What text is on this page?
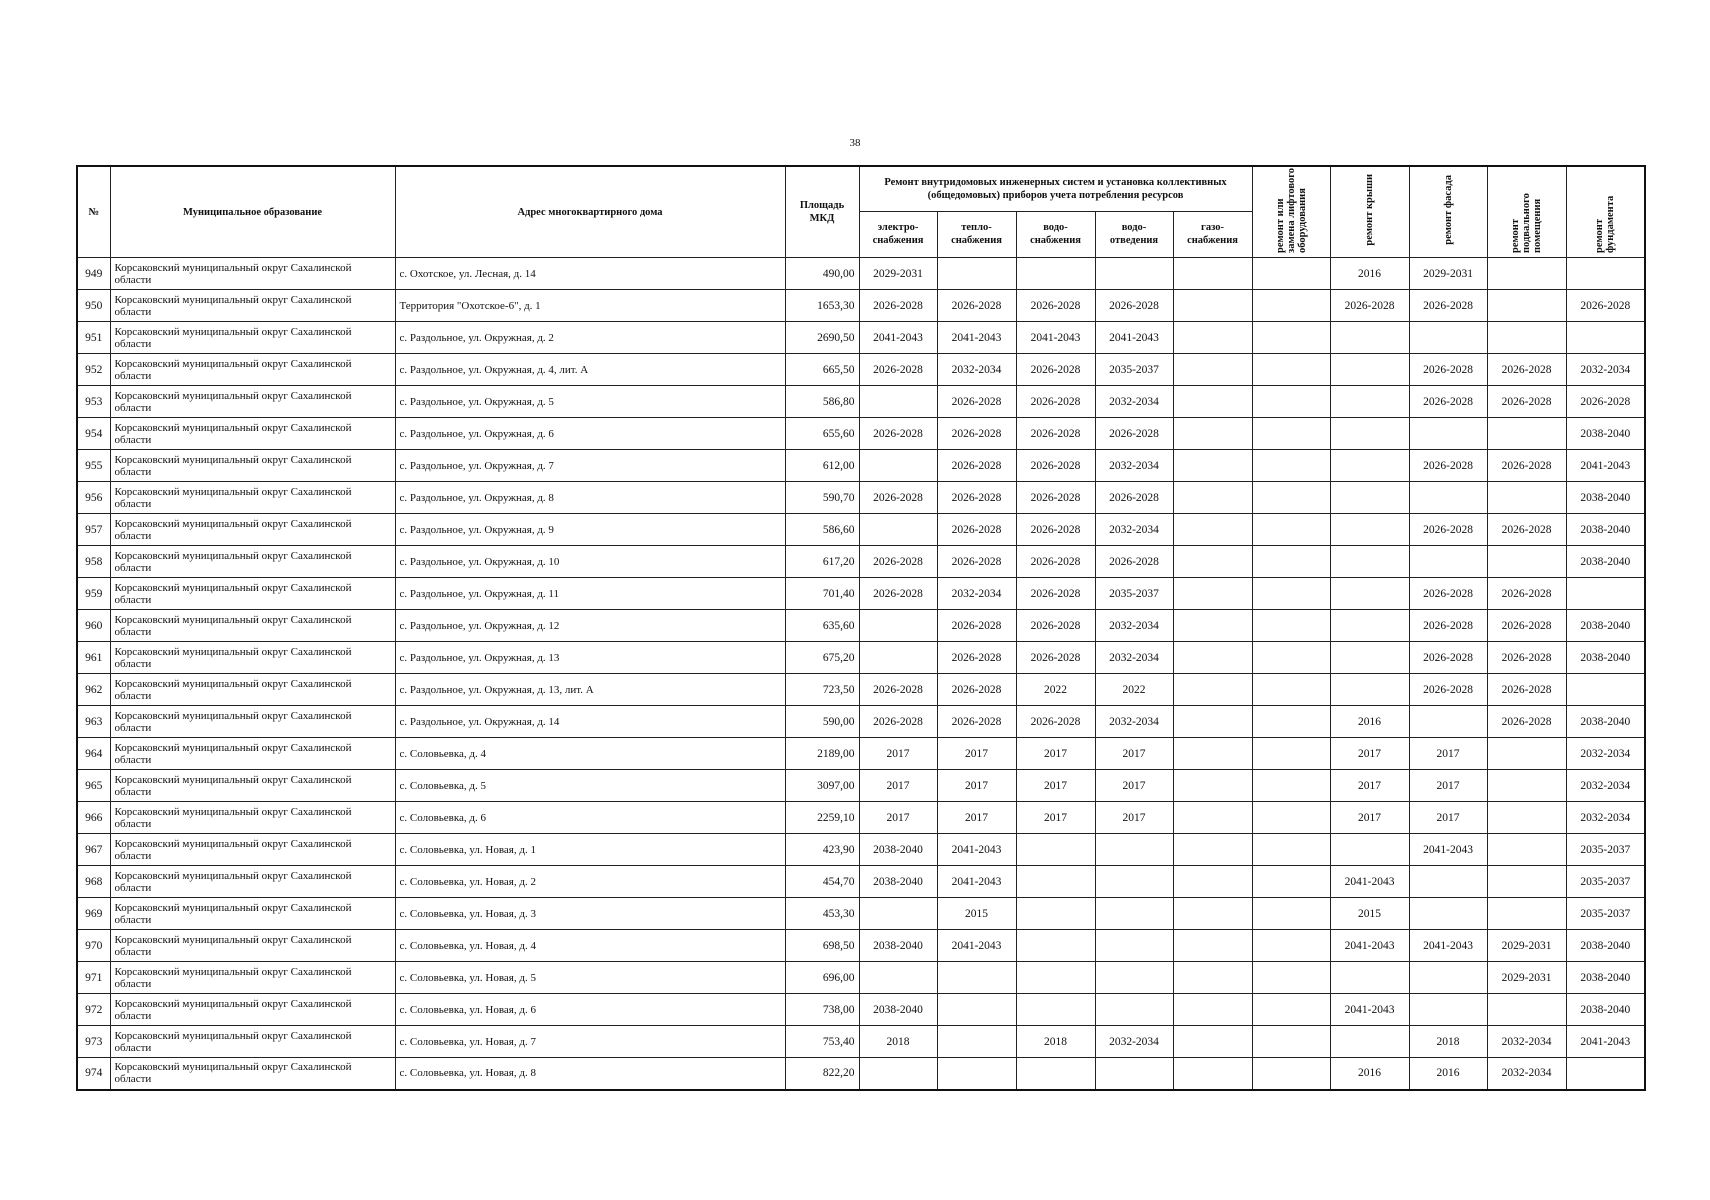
38
№	Муниципальное образование	Адрес многоквартирного дома	Площадь МКД	Ремонт внутридомовых инженерных систем и установка коллективных (общедомовых) приборов учета потребления ресурсов					ремонт или замена лифтового оборудования	ремонт крыши	ремонт фасада	ремонт подвального помещения	ремонт фундамента
				электро-снабжения	тепло-снабжения	водо-снабжения	водо-отведения	газо-снабжения					
949	Корсаковский муниципальный округ Сахалинской области	с. Охотское, ул. Лесная, д. 14	490,00	2029-2031						2016	2029-2031		
950	Корсаковский муниципальный округ Сахалинской области	Территория "Охотское-6", д. 1	1653,30	2026-2028	2026-2028	2026-2028	2026-2028			2026-2028	2026-2028		2026-2028
951	Корсаковский муниципальный округ Сахалинской области	с. Раздольное, ул. Окружная, д. 2	2690,50	2041-2043	2041-2043	2041-2043	2041-2043						
952	Корсаковский муниципальный округ Сахалинской области	с. Раздольное, ул. Окружная, д. 4, лит. А	665,50	2026-2028	2032-2034	2026-2028	2035-2037				2026-2028	2026-2028	2032-2034
953	Корсаковский муниципальный округ Сахалинской области	с. Раздольное, ул. Окружная, д. 5	586,80		2026-2028	2026-2028	2032-2034				2026-2028	2026-2028	2026-2028
954	Корсаковский муниципальный округ Сахалинской области	с. Раздольное, ул. Окружная, д. 6	655,60	2026-2028	2026-2028	2026-2028	2026-2028						2038-2040
955	Корсаковский муниципальный округ Сахалинской области	с. Раздольное, ул. Окружная, д. 7	612,00		2026-2028	2026-2028	2032-2034				2026-2028	2026-2028	2041-2043
956	Корсаковский муниципальный округ Сахалинской области	с. Раздольное, ул. Окружная, д. 8	590,70	2026-2028	2026-2028	2026-2028	2026-2028						2038-2040
957	Корсаковский муниципальный округ Сахалинской области	с. Раздольное, ул. Окружная, д. 9	586,60		2026-2028	2026-2028	2032-2034				2026-2028	2026-2028	2038-2040
958	Корсаковский муниципальный округ Сахалинской области	с. Раздольное, ул. Окружная, д. 10	617,20	2026-2028	2026-2028	2026-2028	2026-2028						2038-2040
959	Корсаковский муниципальный округ Сахалинской области	с. Раздольное, ул. Окружная, д. 11	701,40	2026-2028	2032-2034	2026-2028	2035-2037				2026-2028	2026-2028	
960	Корсаковский муниципальный округ Сахалинской области	с. Раздольное, ул. Окружная, д. 12	635,60		2026-2028	2026-2028	2032-2034				2026-2028	2026-2028	2038-2040
961	Корсаковский муниципальный округ Сахалинской области	с. Раздольное, ул. Окружная, д. 13	675,20		2026-2028	2026-2028	2032-2034				2026-2028	2026-2028	2038-2040
962	Корсаковский муниципальный округ Сахалинской области	с. Раздольное, ул. Окружная, д. 13, лит. А	723,50	2026-2028	2026-2028	2022	2022				2026-2028	2026-2028	
963	Корсаковский муниципальный округ Сахалинской области	с. Раздольное, ул. Окружная, д. 14	590,00	2026-2028	2026-2028	2026-2028	2032-2034			2016		2026-2028	2038-2040
964	Корсаковский муниципальный округ Сахалинской области	с. Соловьевка, д. 4	2189,00	2017	2017	2017	2017			2017	2017		2032-2034
965	Корсаковский муниципальный округ Сахалинской области	с. Соловьевка, д. 5	3097,00	2017	2017	2017	2017			2017	2017		2032-2034
966	Корсаковский муниципальный округ Сахалинской области	с. Соловьевка, д. 6	2259,10	2017	2017	2017	2017			2017	2017		2032-2034
967	Корсаковский муниципальный округ Сахалинской области	с. Соловьевка, ул. Новая, д. 1	423,90	2038-2040	2041-2043						2041-2043		2035-2037
968	Корсаковский муниципальный округ Сахалинской области	с. Соловьевка, ул. Новая, д. 2	454,70	2038-2040	2041-2043					2041-2043			2035-2037
969	Корсаковский муниципальный округ Сахалинской области	с. Соловьевка, ул. Новая, д. 3	453,30		2015					2015			2035-2037
970	Корсаковский муниципальный округ Сахалинской области	с. Соловьевка, ул. Новая, д. 4	698,50	2038-2040	2041-2043					2041-2043	2041-2043	2029-2031	2038-2040
971	Корсаковский муниципальный округ Сахалинской области	с. Соловьевка, ул. Новая, д. 5	696,00									2029-2031	2038-2040
972	Корсаковский муниципальный округ Сахалинской области	с. Соловьевка, ул. Новая, д. 6	738,00	2038-2040						2041-2043			2038-2040
973	Корсаковский муниципальный округ Сахалинской области	с. Соловьевка, ул. Новая, д. 7	753,40	2018		2018	2032-2034				2018	2032-2034	2041-2043
974	Корсаковский муниципальный округ Сахалинской области	с. Соловьевка, ул. Новая, д. 8	822,20							2016	2016	2032-2034	
